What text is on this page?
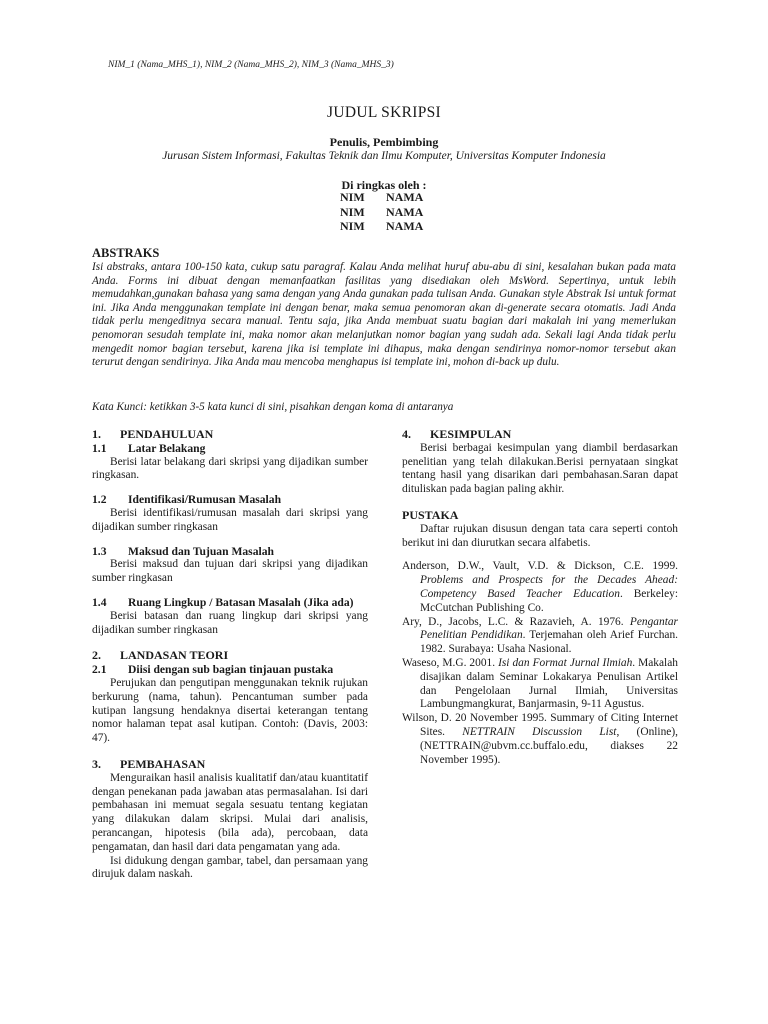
NIM_1 (Nama_MHS_1), NIM_2 (Nama_MHS_2), NIM_3 (Nama_MHS_3)
JUDUL SKRIPSI
Penulis, Pembimbing
Jurusan Sistem Informasi, Fakultas Teknik dan Ilmu Komputer, Universitas Komputer Indonesia
Di ringkas oleh :
NIM	NAMA
NIM	NAMA
NIM	NAMA
ABSTRAKS
Isi abstraks, antara 100-150 kata, cukup satu paragraf. Kalau Anda melihat huruf abu-abu di sini, kesalahan bukan pada mata Anda. Forms ini dibuat dengan memanfaatkan fasilitas yang disediakan oleh MsWord. Sepertinya, untuk lebih memudahkan,gunakan bahasa yang sama dengan yang Anda gunakan pada tulisan Anda. Gunakan style Abstrak Isi untuk format ini. Jika Anda menggunakan template ini dengan benar, maka semua penomoran akan di-generate secara otomatis. Jadi Anda tidak perlu mengeditnya secara manual. Tentu saja, jika Anda membuat suatu bagian dari makalah ini yang memerlukan penomoran sesudah template ini, maka nomor akan melanjutkan nomor bagian yang sudah ada. Sekali lagi Anda tidak perlu mengedit nomor bagian tersebut, karena jika isi template ini dihapus, maka dengan sendirinya nomor-nomor tersebut akan terurut dengan sendirinya. Jika Anda mau mencoba menghapus isi template ini, mohon di-back up dulu.
Kata Kunci: ketikkan 3-5 kata kunci di sini, pisahkan dengan koma di antaranya
1.	PENDAHULUAN
1.1	Latar Belakang

Berisi latar belakang dari skripsi yang dijadikan sumber ringkasan.

1.2	Identifikasi/Rumusan Masalah

Berisi identifikasi/rumusan masalah dari skripsi yang dijadikan sumber ringkasan

1.3	Maksud dan Tujuan Masalah

Berisi maksud dan tujuan dari skripsi yang dijadikan sumber ringkasan

1.4	Ruang Lingkup / Batasan Masalah (Jika ada)

Berisi batasan dan ruang lingkup dari skripsi yang dijadikan sumber ringkasan

2.	LANDASAN TEORI
2.1	Diisi dengan sub bagian tinjauan pustaka

Perujukan dan pengutipan menggunakan teknik rujukan berkurung (nama, tahun). Pencantuman sumber pada kutipan langsung hendaknya disertai keterangan tentang nomor halaman tepat asal kutipan. Contoh: (Davis, 2003: 47).

3.	PEMBAHASAN

Menguraikan hasil analisis kualitatif dan/atau kuantitatif dengan penekanan pada jawaban atas permasalahan. Isi dari pembahasan ini memuat segala sesuatu tentang kegiatan yang dilakukan dalam skripsi. Mulai dari analisis, perancangan, hipotesis (bila ada), percobaan, data pengamatan, dan hasil dari data pengamatan yang ada.

Isi didukung dengan gambar, tabel, dan persamaan yang dirujuk dalam naskah.

4.	KESIMPULAN

Berisi berbagai kesimpulan yang diambil berdasarkan penelitian yang telah dilakukan.Berisi pernyataan singkat tentang hasil yang disarikan dari pembahasan.Saran dapat dituliskan pada bagian paling akhir.

PUSTAKA

Daftar rujukan disusun dengan tata cara seperti contoh berikut ini dan diurutkan secara alfabetis.

Anderson, D.W., Vault, V.D. & Dickson, C.E. 1999. Problems and Prospects for the Decades Ahead: Competency Based Teacher Education. Berkeley: McCutchan Publishing Co.

Ary, D., Jacobs, L.C. & Razavieh, A. 1976. Pengantar Penelitian Pendidikan. Terjemahan oleh Arief Furchan. 1982. Surabaya: Usaha Nasional.

Waseso, M.G. 2001. Isi dan Format Jurnal Ilmiah. Makalah disajikan dalam Seminar Lokakarya Penulisan Artikel dan Pengelolaan Jurnal Ilmiah, Universitas Lambungmangkurat, Banjarmasin, 9-11 Agustus.

Wilson, D. 20 November 1995. Summary of Citing Internet Sites. NETTRAIN Discussion List, (Online), (NETTRAIN@ubvm.cc.buffalo.edu, diakses 22 November 1995).
